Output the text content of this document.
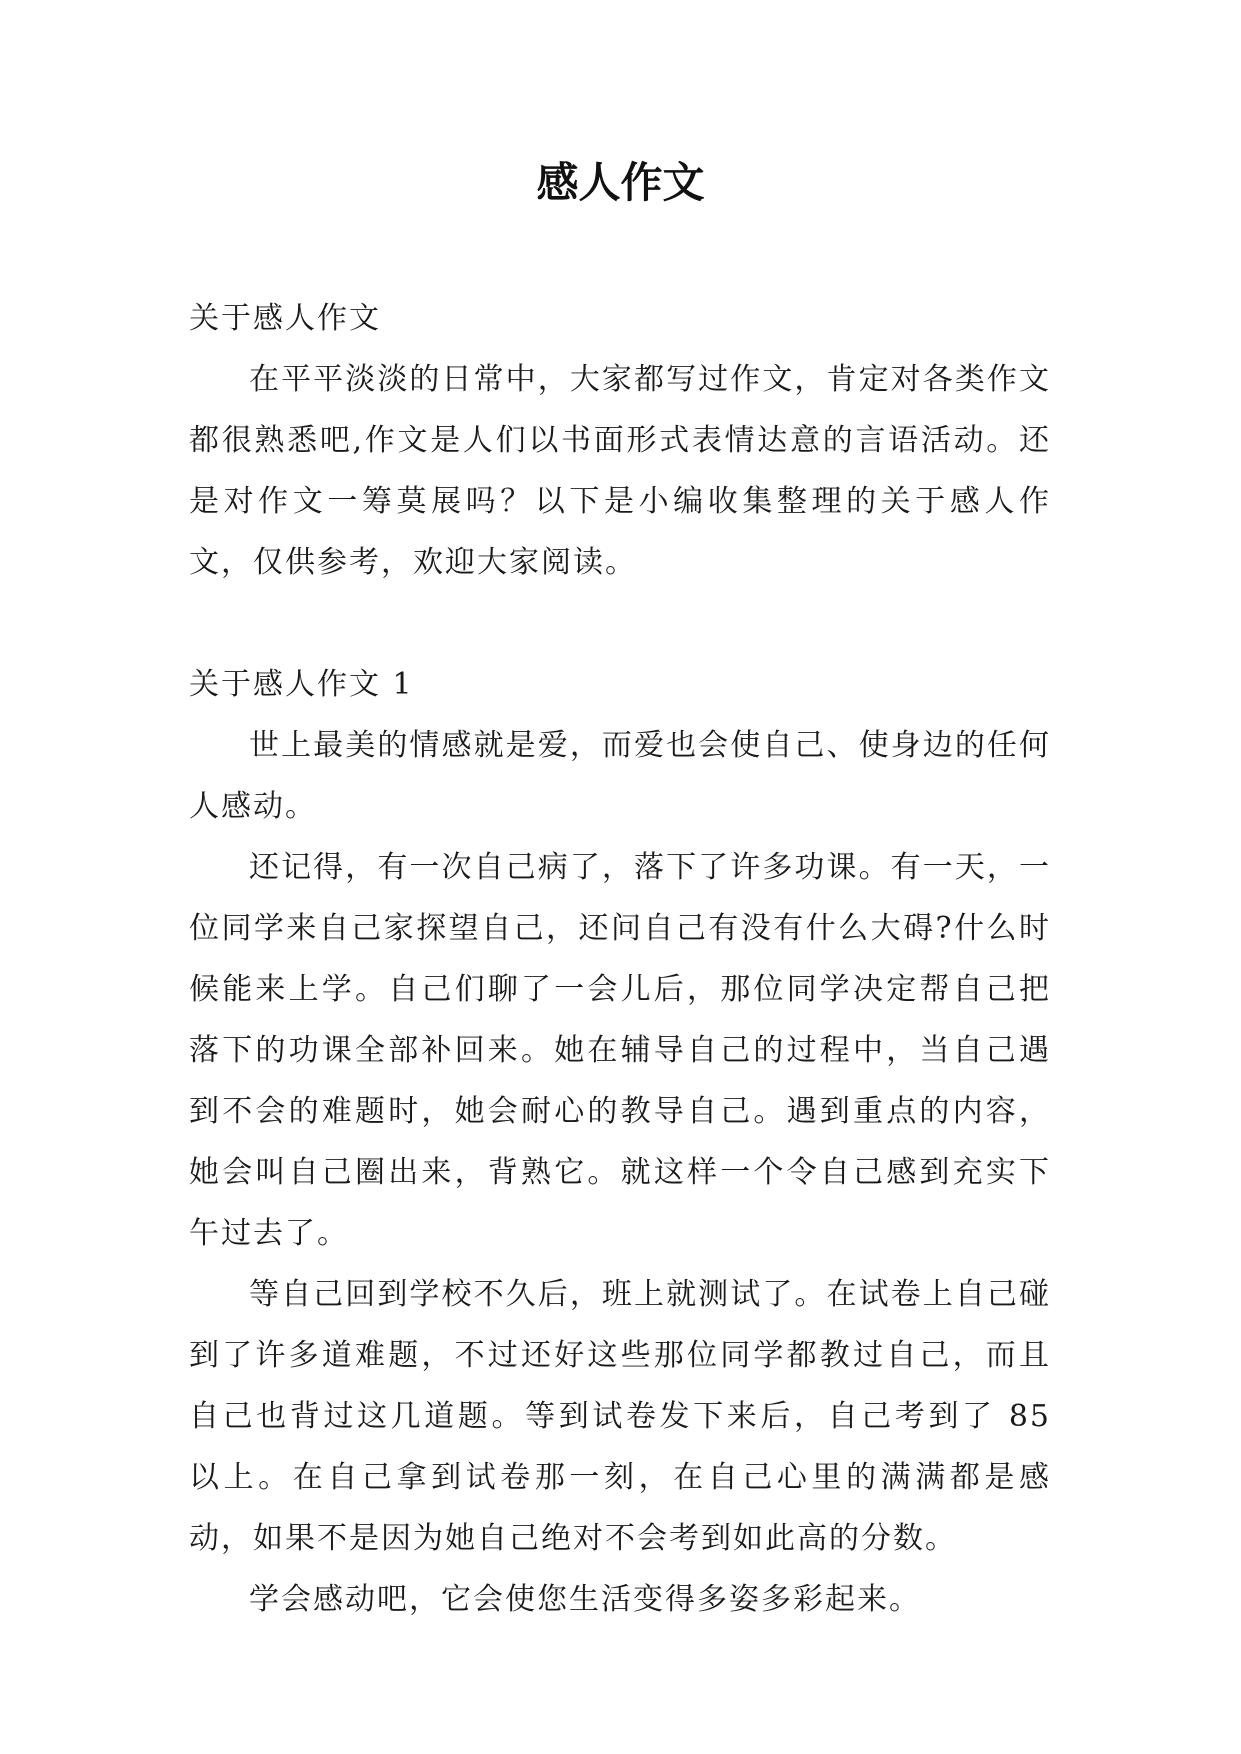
感人作文
关于感人作文

在平平淡淡的日常中，大家都写过作文，肯定对各类作文都很熟悉吧,作文是人们以书面形式表情达意的言语活动。还是对作文一筹莫展吗？以下是小编收集整理的关于感人作文，仅供参考，欢迎大家阅读。

关于感人作文 1

世上最美的情感就是爱，而爱也会使自己、使身边的任何人感动。

还记得，有一次自己病了，落下了许多功课。有一天，一位同学来自己家探望自己，还问自己有没有什么大碍?什么时候能来上学。自己们聊了一会儿后，那位同学决定帮自己把落下的功课全部补回来。她在辅导自己的过程中，当自己遇到不会的难题时，她会耐心的教导自己。遇到重点的内容，她会叫自己圈出来，背熟它。就这样一个令自己感到充实下午过去了。

等自己回到学校不久后，班上就测试了。在试卷上自己碰到了许多道难题，不过还好这些那位同学都教过自己，而且自己也背过这几道题。等到试卷发下来后，自己考到了 85 以上。在自己拿到试卷那一刻，在自己心里的满满都是感动，如果不是因为她自己绝对不会考到如此高的分数。

学会感动吧，它会使您生活变得多姿多彩起来。
